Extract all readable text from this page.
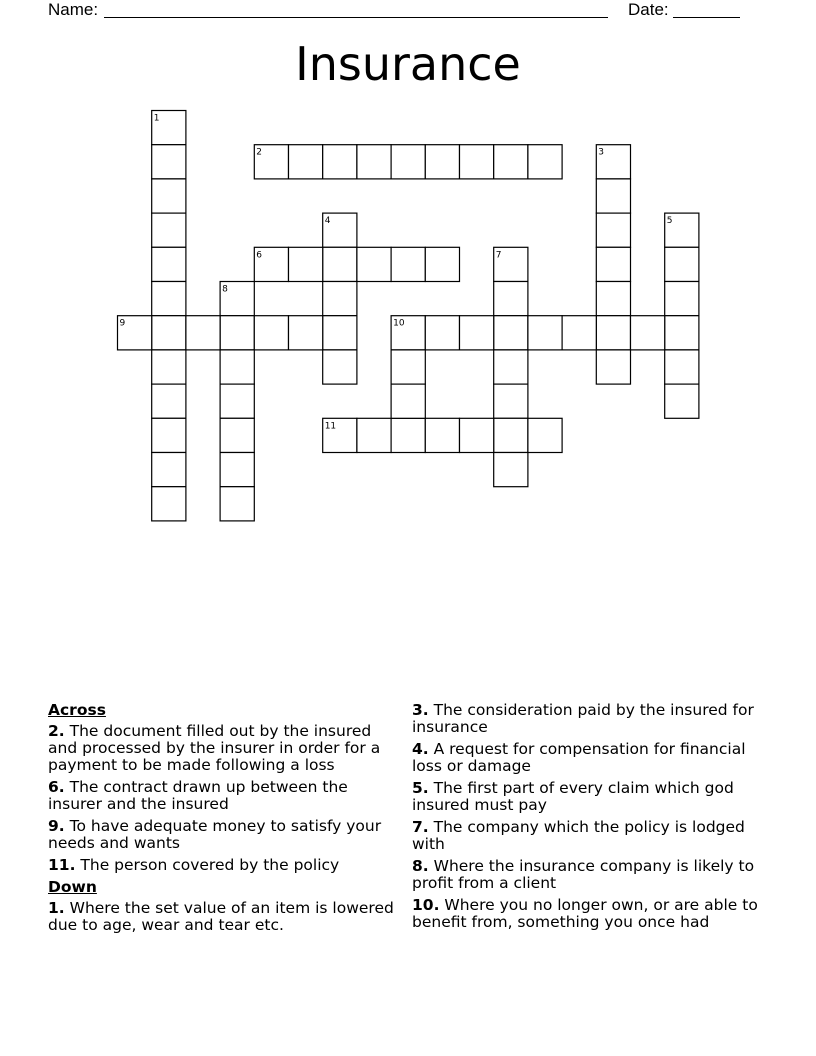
Name:	Date:
Insurance
1
2	3
4	5
6	7
8
9	10
11
Across
2. The document filled out by the insured and processed by the insurer in order for a payment to be made following a loss
6. The contract drawn up between the insurer and the insured
9. To have adequate money to satisfy your needs and wants
11. The person covered by the policy
Down
1. Where the set value of an item is lowered due to age, wear and tear etc.
3. The consideration paid by the insured for insurance
4. A request for compensation for financial loss or damage
5. The first part of every claim which god insured must pay
7. The company which the policy is lodged with
8. Where the insurance company is likely to profit from a client
10. Where you no longer own, or are able to benefit from, something you once had
